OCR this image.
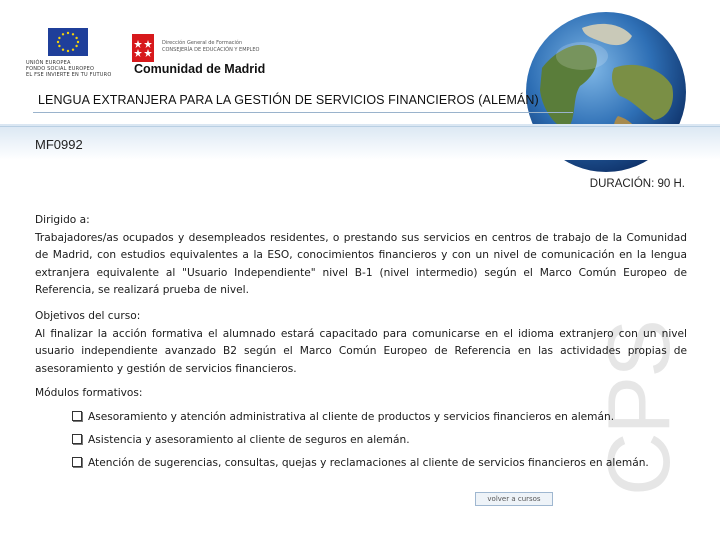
UNIÓN EUROPEA
FONDO SOCIAL EUROPEO
EL FSE INVIERTE EN TU FUTURO
Dirección General de Formación
CONSEJERÍA DE EDUCACIÓN Y EMPLEO
Comunidad de Madrid
LENGUA EXTRANJERA PARA LA GESTIÓN DE SERVICIOS FINANCIEROS (ALEMÁN)
MF0992
DURACIÓN: 90 H.
CPS
Dirigido a:
Trabajadores/as ocupados y desempleados residentes, o prestando sus servicios en centros de trabajo de la Comunidad de Madrid, con estudios equivalentes a la ESO, conocimientos financieros y con un nivel de comunicación en la lengua extranjera equivalente al "Usuario Independiente" nivel B-1 (nivel intermedio) según el Marco Común Europeo de Referencia, se realizará prueba de nivel.
Objetivos del curso:
Al finalizar la acción formativa el alumnado estará capacitado para comunicarse en el idioma extranjero con un nivel usuario independiente avanzado B2 según el Marco Común Europeo de Referencia en las actividades propias de asesoramiento y gestión de servicios financieros.
Módulos formativos:
Asesoramiento y atención administrativa al cliente de productos y servicios financieros en alemán.
Asistencia y asesoramiento al cliente de seguros en alemán.
Atención de sugerencias, consultas, quejas y reclamaciones al cliente de servicios financieros en alemán.
volver a cursos
